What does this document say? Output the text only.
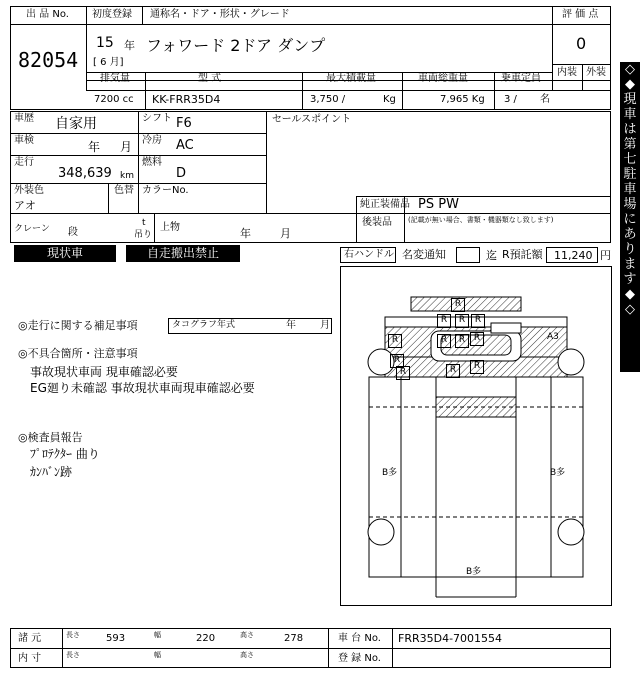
出 品 No.
82054
初度登録 通称名・ドア・形状・グレード
15 年
[ 6 月]
フォワード 2ドア ダンプ
評 価 点
0
内装 外装
排気量
7200 cc
型 式
KK-FRR35D4
最大積載量
3,750 /	Kg
車両総重量
7,965 Kg
乗車定員
3 / 名
車歴 自家用	シフト F6
車検	年 月 冷房 AC
走行
348,639 km
燃料
D
外装色
アオ
色替 カラーNo.
セールスポイント
純正装備品 PS PW
後装品 (記載が無い場合、書類・機器類なし致します)
クレーン 段
t
吊り
上物	年	月
現状車	自走搬出禁止	右ハンドル 名変通知	迄 R預託額 11,240 円
◎走行に関する補足事項	タコグラフ年式	年 月
◎不具合箇所・注意事項
事故現状車両 現車確認必要
EG廻り未確認 事故現状車両現車確認必要
◎検査員報告
ﾌﾟﾛﾃｸﾀｰ 曲り
ｶﾝﾊﾞﾝ跡
R
R	R	R
R	R	R
R
R
R	R	R
A3
B多	B多
B多
◇
◆
現
車
は
第
七
駐
車
場
に
あ
り
ま
す
◆
◇
諸 元	長さ	593	幅	220	高さ	278	車 台 No. FRR35D4-7001554
内 寸	長さ	幅	高さ	登 録 No.
